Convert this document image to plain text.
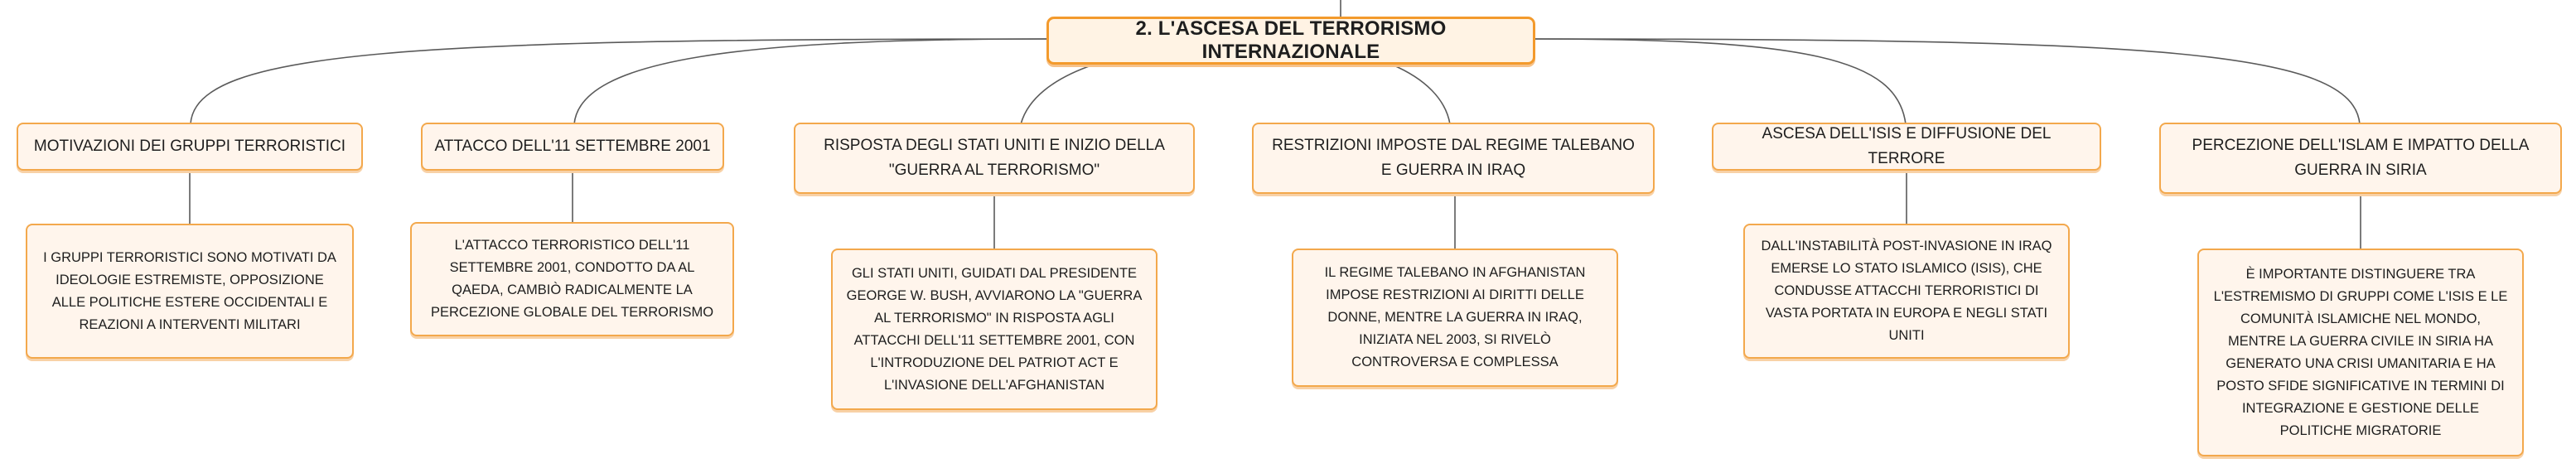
2. L'ASCESA DEL TERRORISMO INTERNAZIONALE
MOTIVAZIONI DEI GRUPPI TERRORISTICI
I GRUPPI TERRORISTICI SONO MOTIVATI DA IDEOLOGIE ESTREMISTE, OPPOSIZIONE ALLE POLITICHE ESTERE OCCIDENTALI E REAZIONI A INTERVENTI MILITARI
ATTACCO DELL'11 SETTEMBRE 2001
L'ATTACCO TERRORISTICO DELL'11 SETTEMBRE 2001, CONDOTTO DA AL QAEDA, CAMBIÒ RADICALMENTE LA PERCEZIONE GLOBALE DEL TERRORISMO
RISPOSTA DEGLI STATI UNITI E INIZIO DELLA "GUERRA AL TERRORISMO"
GLI STATI UNITI, GUIDATI DAL PRESIDENTE GEORGE W. BUSH, AVVIARONO LA "GUERRA AL TERRORISMO" IN RISPOSTA AGLI ATTACCHI DELL'11 SETTEMBRE 2001, CON L'INTRODUZIONE DEL PATRIOT ACT E L'INVASIONE DELL'AFGHANISTAN
RESTRIZIONI IMPOSTE DAL REGIME TALEBANO E GUERRA IN IRAQ
IL REGIME TALEBANO IN AFGHANISTAN IMPOSE RESTRIZIONI AI DIRITTI DELLE DONNE, MENTRE LA GUERRA IN IRAQ, INIZIATA NEL 2003, SI RIVELÒ CONTROVERSA E COMPLESSA
ASCESA DELL'ISIS E DIFFUSIONE DEL TERRORE
DALL'INSTABILITÀ POST-INVASIONE IN IRAQ EMERSE LO STATO ISLAMICO (ISIS), CHE CONDUSSE ATTACCHI TERRORISTICI DI VASTA PORTATA IN EUROPA E NEGLI STATI UNITI
PERCEZIONE DELL'ISLAM E IMPATTO DELLA GUERRA IN SIRIA
È IMPORTANTE DISTINGUERE TRA L'ESTREMISMO DI GRUPPI COME L'ISIS E LE COMUNITÀ ISLAMICHE NEL MONDO, MENTRE LA GUERRA CIVILE IN SIRIA HA GENERATO UNA CRISI UMANITARIA E HA POSTO SFIDE SIGNIFICATIVE IN TERMINI DI INTEGRAZIONE E GESTIONE DELLE POLITICHE MIGRATORIE
